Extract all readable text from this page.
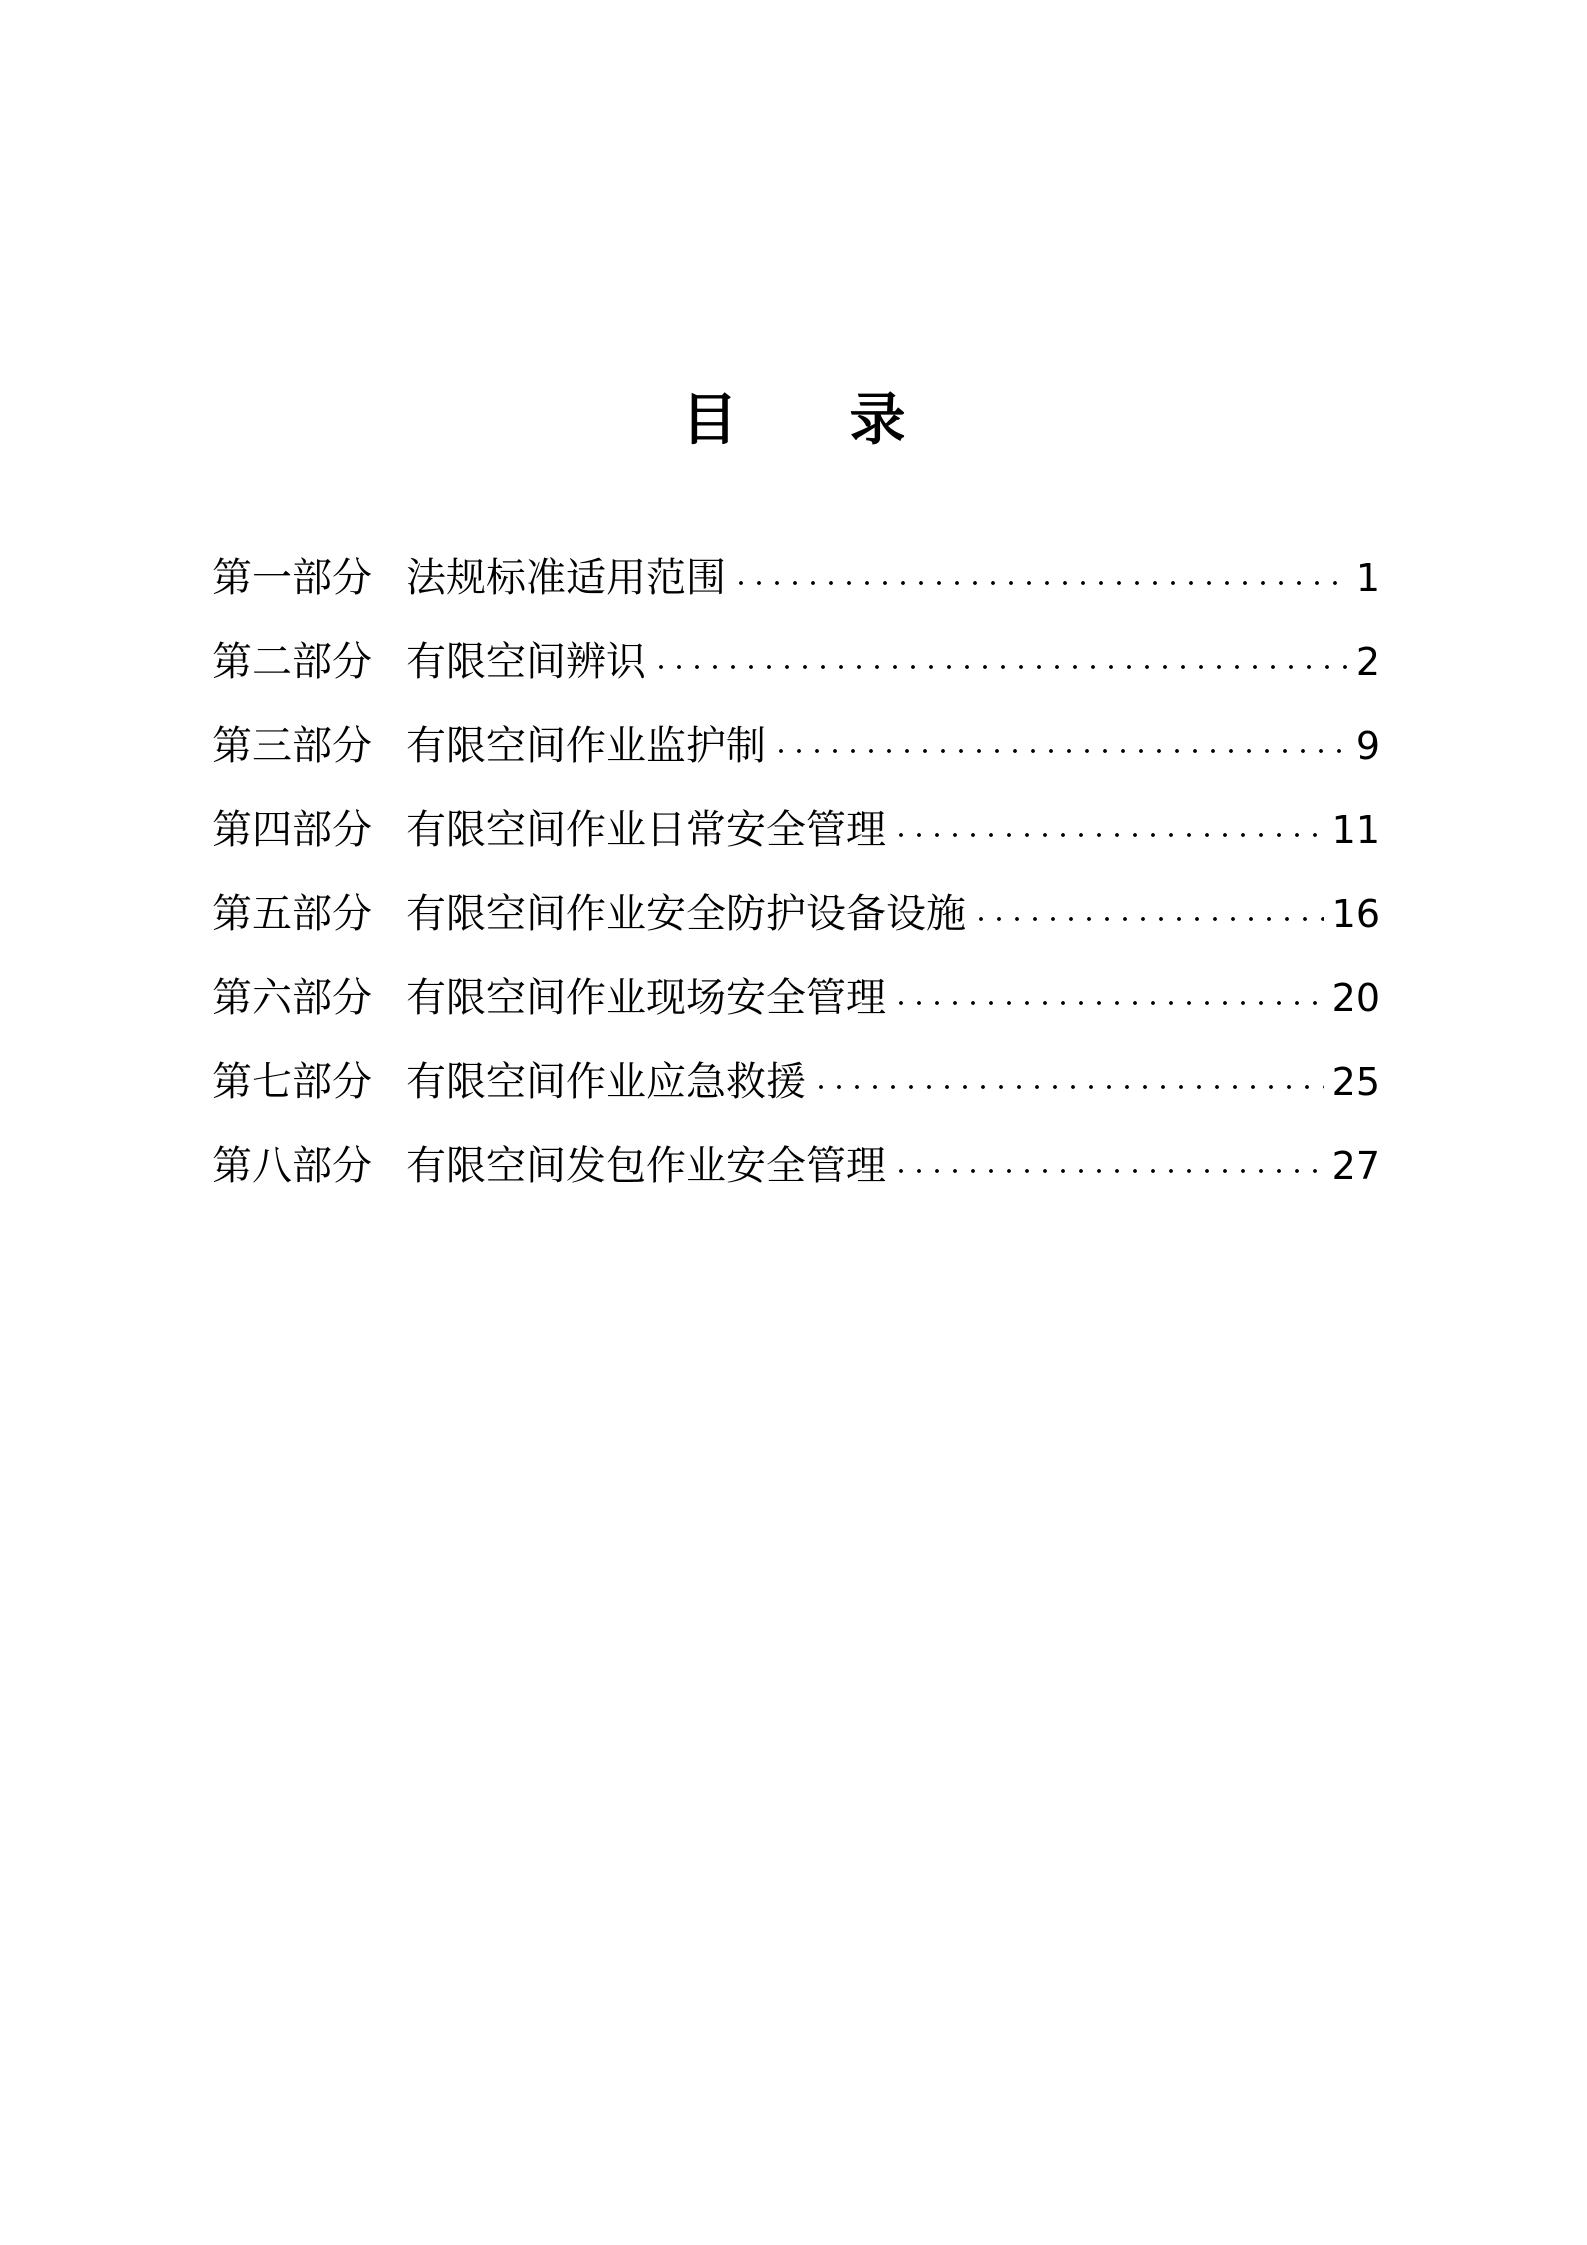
目 录
第一部分 法规标准适用范围	1
第二部分 有限空间辨识	2
第三部分 有限空间作业监护制	9
第四部分 有限空间作业日常安全管理	11
第五部分 有限空间作业安全防护设备设施	16
第六部分 有限空间作业现场安全管理	20
第七部分 有限空间作业应急救援	25
第八部分 有限空间发包作业安全管理	27
